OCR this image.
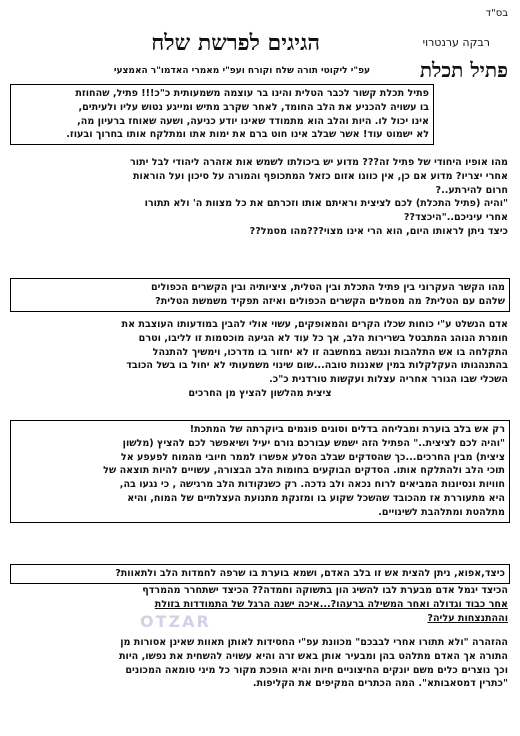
בס"ד
הגיגים לפרשת שלח	רבקה ערנטרוי
פתיל תכלת
עפ"י ליקוטי תורה שלח וקורח ועפ"י מאמרי האדמו"ר האמצעי
פתיל תכלת קשור לכבר הטלית והינו בר עוצמה משמעותית כ"כ!!! פתיל, שהחוזת
בו עשויה להכניע את הלב החומד, לאחר שקרב מתיש ומייגע נטוש עליו ולעיתים,
אינו יכול לו. היות והלב הוא מתמודד שאינו יודע כניעה, ושעה שאוחז ברעיון מה,
לא ישמוט עוד! אשר שבלב אינו חוט ברם את ימות אתו ומתלקח אותו בחרוך ובעוז.
מהו אופיו היחודי של פתיל זה??? מדוע יש ביכולתו לשמש אות אזהרה ליהודי לבל יתור
אחרי יצריו? מדוע אם כן, אין כוונו אזום כזאל המתכופף והמורה על סיכון ועל הוראות
חרום להירתע..?
"והיה (פתיל התכלת) לכם לציצית וראיתם אותו וזכרתם את כל מצוות ה' ולא תתורו
אחרי עיניכם.."היכצד??
כיצד ניתן לראותו היום, הוא הרי אינו מצוי???מהו מסמל??
מהו הקשר העקרוני בין פתיל התכלת ובין הטלית, ציציותיה ובין הקשרים הכפולים
שלהם עם הטלית? מה מסמלים הקשרים הכפולים ואיזה תפקיד משמשת הטלית?
אדם הנשלט ע"י כוחות שכלו הקרים והמאופקים, עשוי אולי להבין במודעותו העוצבת את
חומרת הנוהג המתבטל בשרירות הלב, אך כל עוד לא הגיעה מוכסמות זו לליבו, וטרם
התקלחה בו אש התלהבות ונגשה במחשבה זו לא יחזור בו מדרכו, וימשיך להתנהל
בהתנהגותו העקלקלות במין שאננות טובה...שום שינוי משמעותי לא יחול בו בשל הכובד
השכלי שבו הגורר אחריה עצלות ועקשות טורדנית כ"כ.
ציצית מהלשון להציץ מן החרכים
רק אש בלב בוערת ומבליחה בדלים וסוגים פוגמים ביוקרתה של המתכת!
"והיה לכם לציצית.." הפתיל הזה ישמש עבורכם גורם יעיל ושיאפשר לכם להציץ (מלשון
ציצית) מבין החרכים...כך שהסדקים שבלב הסלע אפשרו לממר חיובי מהמוח לפעפע אל
תוכי הלב ולהתלקח אותו. הסדקים הבוקעים בחומות הלב הבצורה, עשויים להיות תוצאה של
חוויות ונסיונות המביאים לרוח נכאה ולב נדכה. רק כשנקודות הלב מרגישה , כי נגעו בה,
היא מתעוררת אז מהכובד שהשכל שקוע בו ומזנקת מתנועת העצלתיים של המוח, והיא
מתלהטת ומתלהבת לשינויים.
כיצד,אפוא, ניתן להצית אש זו בלב האדם, ושמא בוערת בו שרפה לחמדות הלב ולתאוות?
הכיצד יגמל אדם מבערת לבו להשיג הון בתשוקה וחמדה?? הכיצד ישתחרר מהמרדף
אחר כבוד וגדולה ואחר המשילה ברעהו?...איכה ישנה הרגל של התמודדות בזולת
וההתנצחות עליה?
ההזהרה "ולא תתורו אחרי לבבכם" מכוונת עפ"י החסידות לאותן תאוות שאינן אסורות מן
התורה אך האדם מתלהט בהן ומבעיר אותן באש זרה והיא עשויה להשחית את נפשו, היות
וכך נוצרים כלים משם יונקים החיצוניים חיות והיא הופכת מקור כל מיני טומאה המכונים
"כתרין דמסאבותא". המה הכתרים המקיפים את הקליפות.
OTZAR
